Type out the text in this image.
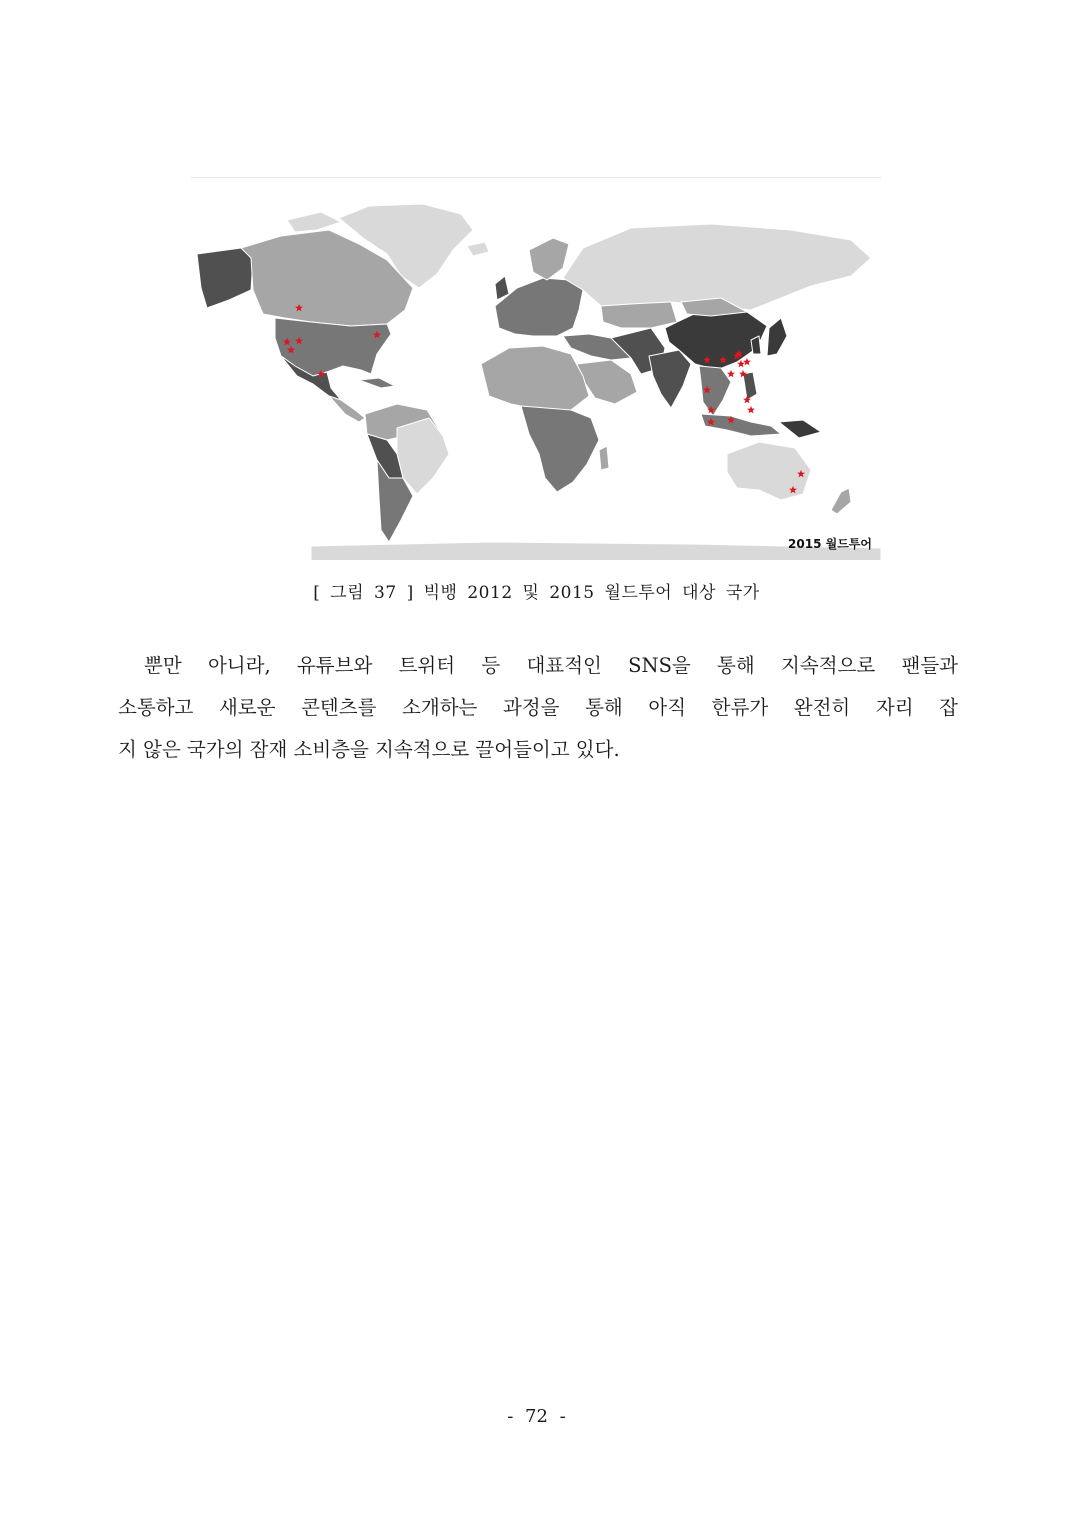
2015 월드투어
[ 그림 37 ] 빅뱅 2012 및 2015 월드투어 대상 국가
뿐만 아니라, 유튜브와 트위터 등 대표적인 SNS을 통해 지속적으로 팬들과
소통하고 새로운 콘텐츠를 소개하는 과정을 통해 아직 한류가 완전히 자리 잡
지 않은 국가의 잠재 소비층을 지속적으로 끌어들이고 있다.
- 72 -
